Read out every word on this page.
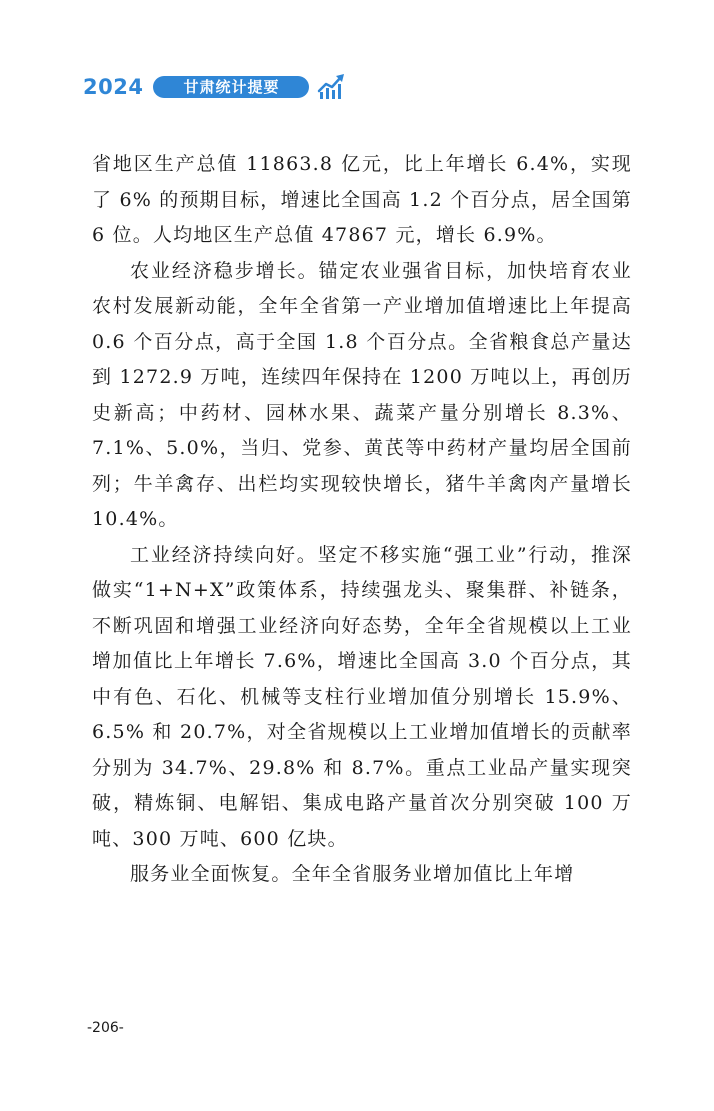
2024	甘肃统计提要

省地区生产总值 11863.8 亿元，比上年增长 6.4%，实现了 6% 的预期目标，增速比全国高 1.2 个百分点，居全国第 6 位。人均地区生产总值 47867 元，增长 6.9%。

农业经济稳步增长。锚定农业强省目标，加快培育农业农村发展新动能，全年全省第一产业增加值增速比上年提高 0.6 个百分点，高于全国 1.8 个百分点。全省粮食总产量达到 1272.9 万吨，连续四年保持在 1200 万吨以上，再创历史新高；中药材、园林水果、蔬菜产量分别增长 8.3%、7.1%、5.0%，当归、党参、黄芪等中药材产量均居全国前列；牛羊禽存、出栏均实现较快增长，猪牛羊禽肉产量增长 10.4%。

工业经济持续向好。坚定不移实施“强工业”行动，推深做实“1+N+X”政策体系，持续强龙头、聚集群、补链条，不断巩固和增强工业经济向好态势，全年全省规模以上工业增加值比上年增长 7.6%，增速比全国高 3.0 个百分点，其中有色、石化、机械等支柱行业增加值分别增长 15.9%、6.5% 和 20.7%，对全省规模以上工业增加值增长的贡献率分别为 34.7%、29.8% 和 8.7%。重点工业品产量实现突破，精炼铜、电解铝、集成电路产量首次分别突破 100 万吨、300 万吨、600 亿块。

服务业全面恢复。全年全省服务业增加值比上年增

-206-
